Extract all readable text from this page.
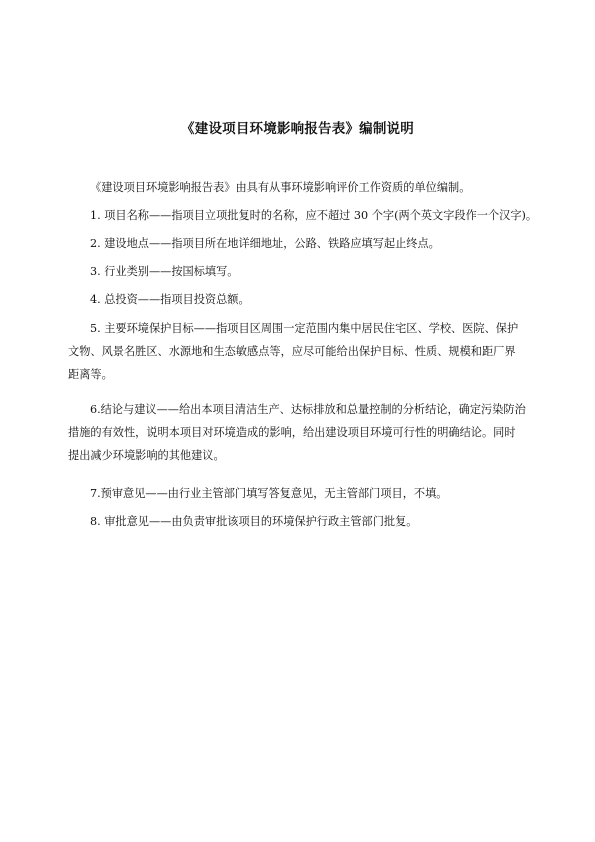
《建设项目环境影响报告表》编制说明
《建设项目环境影响报告表》由具有从事环境影响评价工作资质的单位编制。
1. 项目名称——指项目立项批复时的名称，应不超过 30 个字(两个英文字段作一个汉字)。
2. 建设地点——指项目所在地详细地址，公路、铁路应填写起止终点。
3. 行业类别——按国标填写。
4. 总投资——指项目投资总额。
5. 主要环境保护目标——指项目区周围一定范围内集中居民住宅区、学校、医院、保护
文物、风景名胜区、水源地和生态敏感点等，应尽可能给出保护目标、性质、规模和距厂界
距离等。
6.结论与建议——给出本项目清洁生产、达标排放和总量控制的分析结论，确定污染防治
措施的有效性，说明本项目对环境造成的影响，给出建设项目环境可行性的明确结论。同时
提出减少环境影响的其他建议。
7.预审意见——由行业主管部门填写答复意见，无主管部门项目，不填。
8. 审批意见——由负责审批该项目的环境保护行政主管部门批复。
